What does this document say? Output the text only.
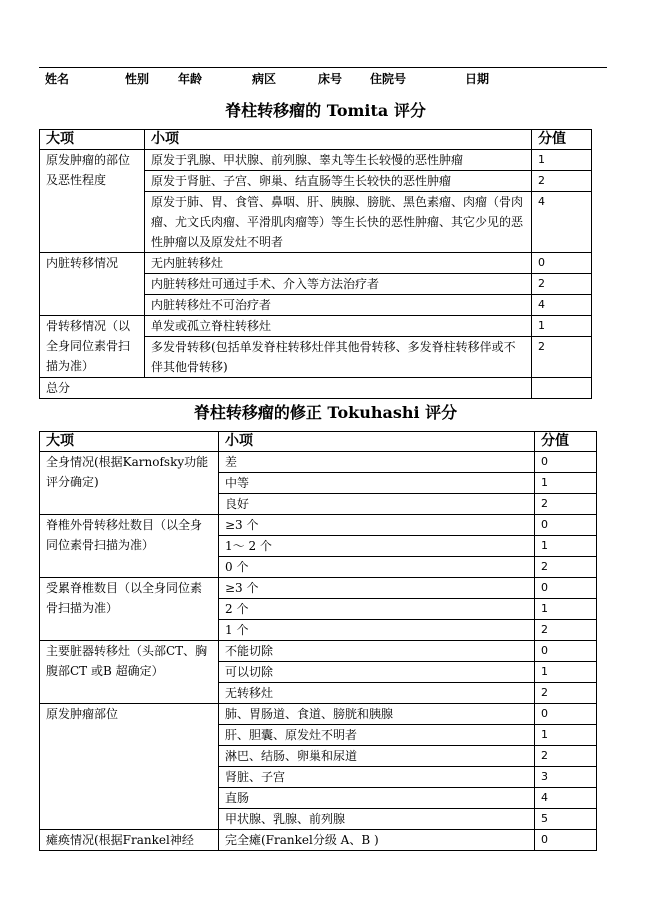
姓名	性别 年龄	病区	床号 住院号	日期
脊柱转移瘤的 Tomita 评分
大项	小项	分值
原发肿瘤的部位及恶性程度	原发于乳腺、甲状腺、前列腺、睾丸等生长较慢的恶性肿瘤	1
	原发于肾脏、子宫、卵巢、结直肠等生长较快的恶性肿瘤	2
	原发于肺、胃、食管、鼻咽、肝、胰腺、膀胱、黑色素瘤、肉瘤（骨肉瘤、尤文氏肉瘤、平滑肌肉瘤等）等生长快的恶性肿瘤、其它少见的恶性肿瘤以及原发灶不明者	4
内脏转移情况	无内脏转移灶	0
	内脏转移灶可通过手术、介入等方法治疗者	2
	内脏转移灶不可治疗者	4
骨转移情况（以全身同位素骨扫描为准）	单发或孤立脊柱转移灶	1
	多发骨转移(包括单发脊柱转移灶伴其他骨转移、多发脊柱转移伴或不伴其他骨转移)	2
总分		
脊柱转移瘤的修正 Tokuhashi 评分
大项	小项	分值
全身情况(根据Karnofsky功能评分确定)	差	0
	中等	1
	良好	2
脊椎外骨转移灶数目（以全身同位素骨扫描为准）	≥3 个	0
	1～ 2 个	1
	0 个	2
受累脊椎数目（以全身同位素骨扫描为准）	≥3 个	0
	2 个	1
	1 个	2
主要脏器转移灶（头部CT、胸腹部CT 或B 超确定）	不能切除	0
	可以切除	1
	无转移灶	2
原发肿瘤部位	肺、胃肠道、食道、膀胱和胰腺	0
	肝、胆囊、原发灶不明者	1
	淋巴、结肠、卵巢和尿道	2
	肾脏、子宫	3
	直肠	4
	甲状腺、乳腺、前列腺	5
瘫痪情况(根据Frankel神经	完全瘫(Frankel分级 A、B )	0
